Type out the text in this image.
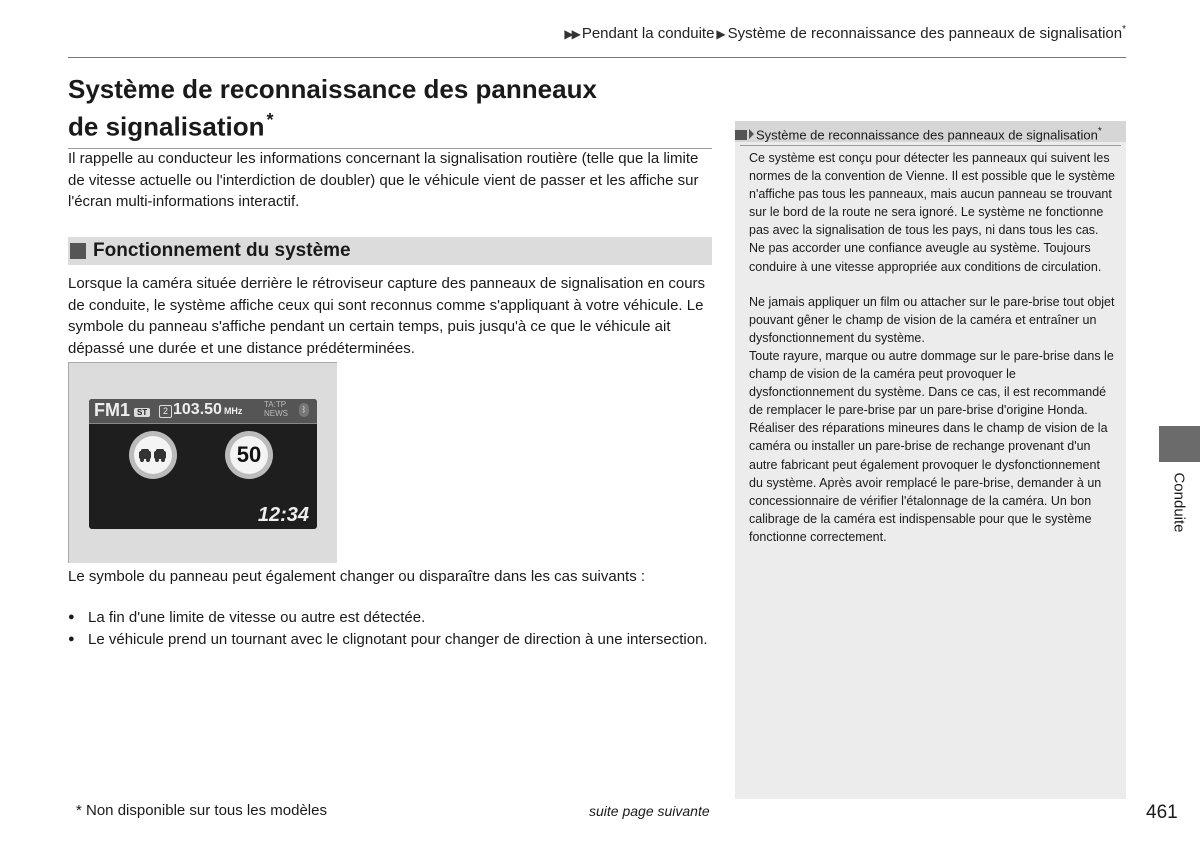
▶▶ Pendant la conduite ▶ Système de reconnaissance des panneaux de signalisation*
Système de reconnaissance des panneaux
de signalisation *

Il rappelle au conducteur les informations concernant la signalisation routière (telle que la limite de vitesse actuelle ou l'interdiction de doubler) que le véhicule vient de passer et les affiche sur l'écran multi-informations interactif.

Fonctionnement du système

Lorsque la caméra située derrière le rétroviseur capture des panneaux de signalisation en cours de conduite, le système affiche ceux qui sont reconnus comme s'appliquant à votre véhicule. Le symbole du panneau s'affiche pendant un certain temps, puis jusqu'à ce que le véhicule ait dépassé une durée et une distance prédéterminées.

FM1 ST	2 103.50 MHz
TA:TP
NEWS	ᛒ
50
12:34

Le symbole du panneau peut également changer ou disparaître dans les cas suivants :

● La fin d'une limite de vitesse ou autre est détectée.
● Le véhicule prend un tournant avec le clignotant pour changer de direction à une intersection.
Système de reconnaissance des panneaux de signalisation*

Ce système est conçu pour détecter les panneaux qui suivent les normes de la convention de Vienne. Il est possible que le système n'affiche pas tous les panneaux, mais aucun panneau se trouvant sur le bord de la route ne sera ignoré. Le système ne fonctionne pas avec la signalisation de tous les pays, ni dans tous les cas.

Ne pas accorder une confiance aveugle au système. Toujours conduire à une vitesse appropriée aux conditions de circulation.

Ne jamais appliquer un film ou attacher sur le pare-brise tout objet pouvant gêner le champ de vision de la caméra et entraîner un dysfonctionnement du système.

Toute rayure, marque ou autre dommage sur le pare-brise dans le champ de vision de la caméra peut provoquer le dysfonctionnement du système. Dans ce cas, il est recommandé de remplacer le pare-brise par un pare-brise d'origine Honda. Réaliser des réparations mineures dans le champ de vision de la caméra ou installer un pare-brise de rechange provenant d'un autre fabricant peut également provoquer le dysfonctionnement du système. Après avoir remplacé le pare-brise, demander à un concessionnaire de vérifier l'étalonnage de la caméra. Un bon calibrage de la caméra est indispensable pour que le système fonctionne correctement.

Conduite
* Non disponible sur tous les modèles	suite page suivante	461
